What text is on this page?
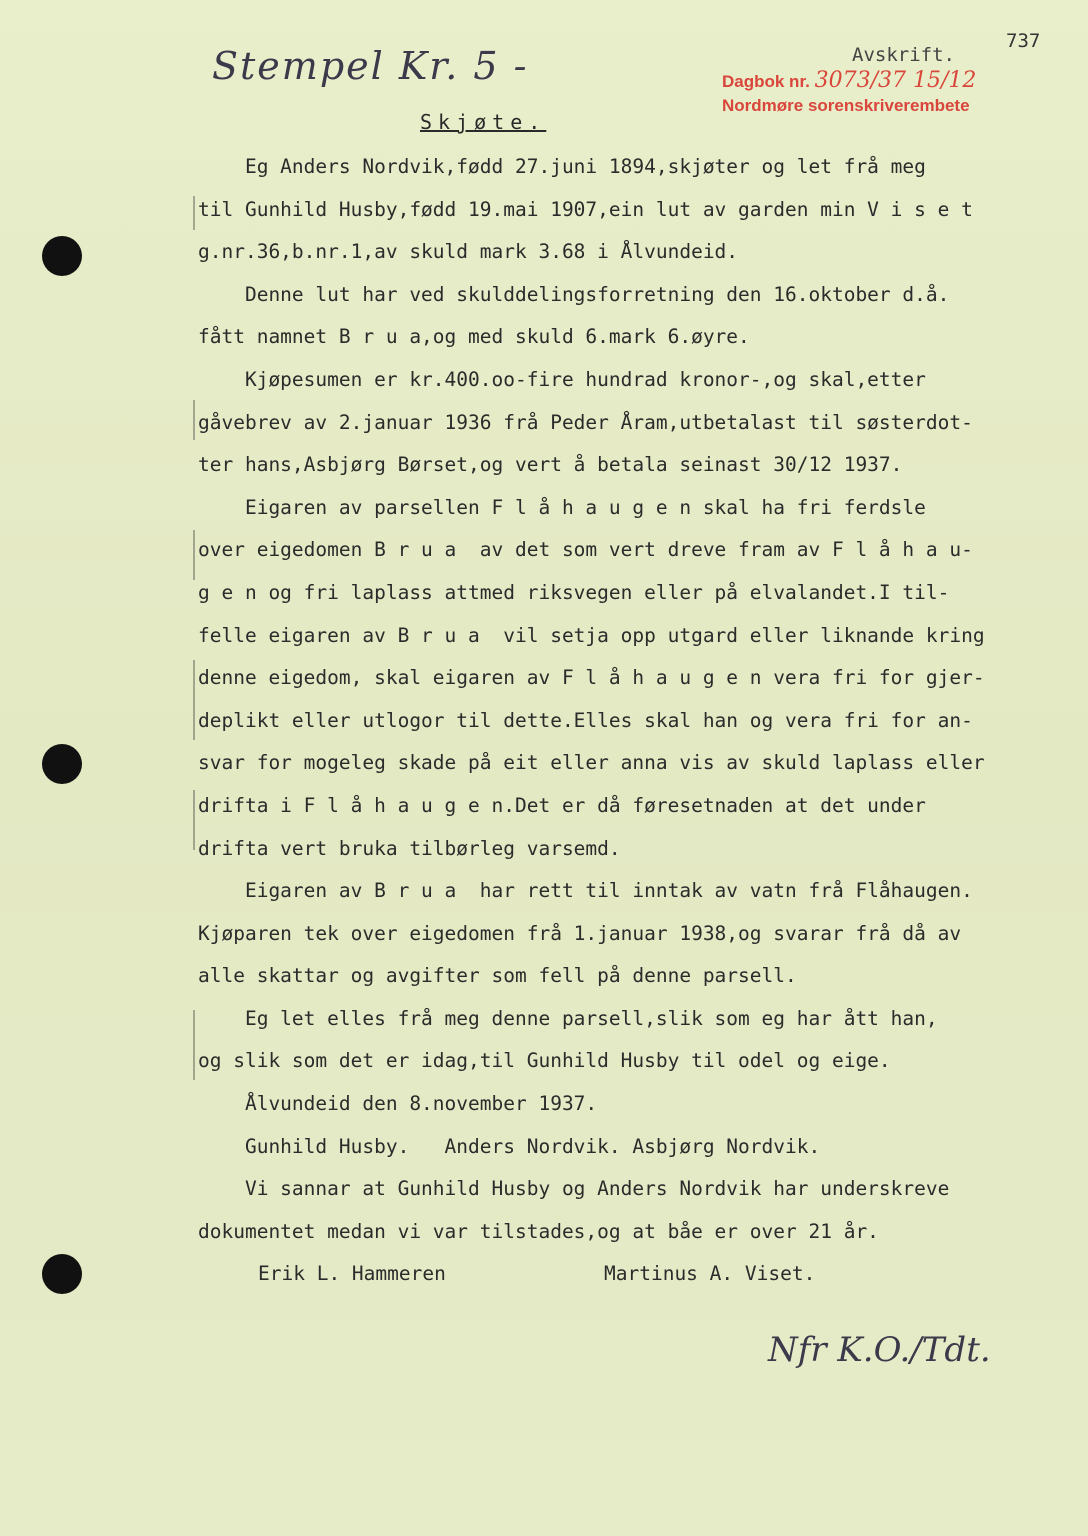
737
Stempel Kr. 5 -	Avskrift.
Dagbok nr. 3073/37 15/12
Nordmøre sorenskriverembete
Skjøte.
Eg Anders Nordvik,fødd 27.juni 1894,skjøter og let frå meg
til Gunhild Husby,fødd 19.mai 1907,ein lut av garden min V i s e t
g.nr.36,b.nr.1,av skuld mark 3.68 i Ålvundeid.
Denne lut har ved skulddelingsforretning den 16.oktober d.å.
fått namnet B r u a,og med skuld 6.mark 6.øyre.
Kjøpesumen er kr.400.oo-fire hundrad kronor-,og skal,etter
gåvebrev av 2.januar 1936 frå Peder Åram,utbetalast til søsterdot-
ter hans,Asbjørg Børset,og vert å betala seinast 30/12 1937.
Eigaren av parsellen F l å h a u g e n skal ha fri ferdsle
over eigedomen B r u a  av det som vert dreve fram av F l å h a u-
g e n og fri laplass attmed riksvegen eller på elvalandet.I til-
felle eigaren av B r u a  vil setja opp utgard eller liknande kring
denne eigedom, skal eigaren av F l å h a u g e n vera fri for gjer-
deplikt eller utlogor til dette.Elles skal han og vera fri for an-
svar for mogeleg skade på eit eller anna vis av skuld laplass eller
drifta i F l å h a u g e n.Det er då føresetnaden at det under
drifta vert bruka tilbørleg varsemd.
Eigaren av B r u a  har rett til inntak av vatn frå Flåhaugen.
Kjøparen tek over eigedomen frå 1.januar 1938,og svarar frå då av
alle skattar og avgifter som fell på denne parsell.
Eg let elles frå meg denne parsell,slik som eg har ått han,
og slik som det er idag,til Gunhild Husby til odel og eige.
Ålvundeid den 8.november 1937.
Gunhild Husby.   Anders Nordvik. Asbjørg Nordvik.
Vi sannar at Gunhild Husby og Anders Nordvik har underskreve
dokumentet medan vi var tilstades,og at båe er over 21 år.
Erik L. Hammeren	Martinus A. Viset.
Nfr K.O./Tdt.
